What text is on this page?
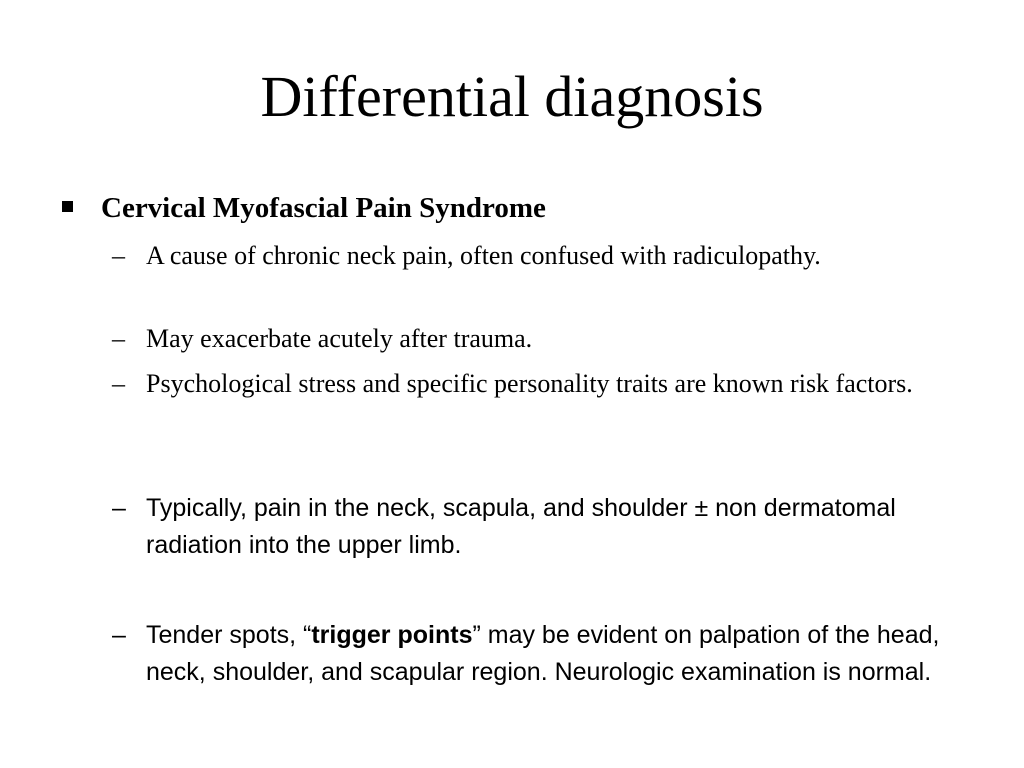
Differential diagnosis
Cervical Myofascial Pain Syndrome
– A cause of chronic neck pain, often confused with radiculopathy.
– May exacerbate acutely after trauma.
– Psychological stress and specific personality traits are known risk factors.
– Typically, pain in the neck, scapula, and shoulder ± non dermatomal radiation into the upper limb.
– Tender spots, “trigger points” may be evident on palpation of the head, neck, shoulder, and scapular region. Neurologic examination is normal.
